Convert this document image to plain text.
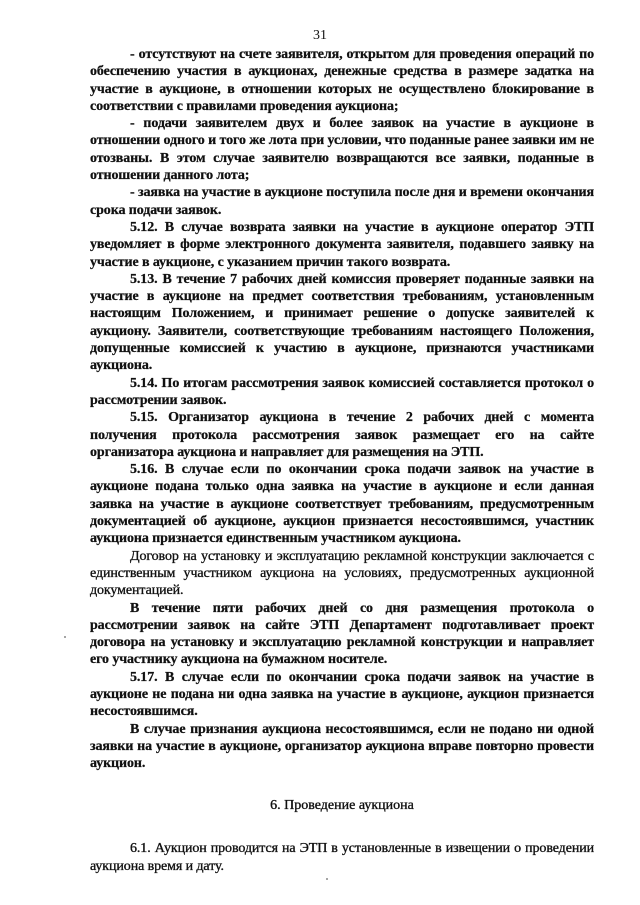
31

- отсутствуют на счете заявителя, открытом для проведения операций по обеспечению участия в аукционах, денежные средства в размере задатка на участие в аукционе, в отношении которых не осуществлено блокирование в соответствии с правилами проведения аукциона;

- подачи заявителем двух и более заявок на участие в аукционе в отношении одного и того же лота при условии, что поданные ранее заявки им не отозваны. В этом случае заявителю возвращаются все заявки, поданные в отношении данного лота;

- заявка на участие в аукционе поступила после дня и времени окончания срока подачи заявок.

5.12. В случае возврата заявки на участие в аукционе оператор ЭТП уведомляет в форме электронного документа заявителя, подавшего заявку на участие в аукционе, с указанием причин такого возврата.

5.13. В течение 7 рабочих дней комиссия проверяет поданные заявки на участие в аукционе на предмет соответствия требованиям, установленным настоящим Положением, и принимает решение о допуске заявителей к аукциону. Заявители, соответствующие требованиям настоящего Положения, допущенные комиссией к участию в аукционе, признаются участниками аукциона.

5.14. По итогам рассмотрения заявок комиссией составляется протокол о рассмотрении заявок.

5.15. Организатор аукциона в течение 2 рабочих дней с момента получения протокола рассмотрения заявок размещает его на сайте организатора аукциона и направляет для размещения на ЭТП.

5.16. В случае если по окончании срока подачи заявок на участие в аукционе подана только одна заявка на участие в аукционе и если данная заявка на участие в аукционе соответствует требованиям, предусмотренным документацией об аукционе, аукцион признается несостоявшимся, участник аукциона признается единственным участником аукциона.

Договор на установку и эксплуатацию рекламной конструкции заключается с единственным участником аукциона на условиях, предусмотренных аукционной документацией.

В течение пяти рабочих дней со дня размещения протокола о рассмотрении заявок на сайте ЭТП Департамент подготавливает проект договора на установку и эксплуатацию рекламной конструкции и направляет его участнику аукциона на бумажном носителе.

5.17. В случае если по окончании срока подачи заявок на участие в аукционе не подана ни одна заявка на участие в аукционе, аукцион признается несостоявшимся.

В случае признания аукциона несостоявшимся, если не подано ни одной заявки на участие в аукционе, организатор аукциона вправе повторно провести аукцион.

6. Проведение аукциона

6.1. Аукцион проводится на ЭТП в установленные в извещении о проведении аукциона время и дату.
